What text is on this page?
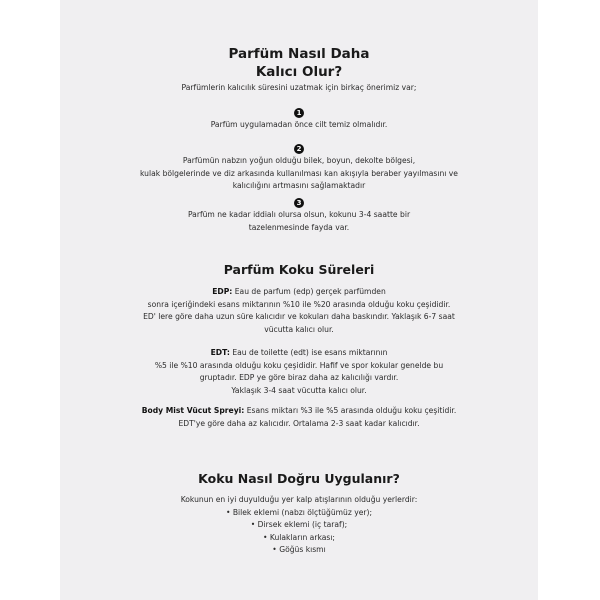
Parfüm Nasıl Daha
Kalıcı Olur?

Parfümlerin kalıcılık süresini uzatmak için birkaç önerimiz var;

1

Parfüm uygulamadan önce cilt temiz olmalıdır.

2

Parfümün nabzın yoğun olduğu bilek, boyun, dekolte bölgesi,

kulak bölgelerinde ve diz arkasında kullanılması kan akışıyla beraber yayılmasını ve

kalıcılığını artmasını sağlamaktadır

3

Parfüm ne kadar iddialı olursa olsun, kokunu 3-4 saatte bir

tazelenmesinde fayda var.

Parfüm Koku Süreleri

EDP: Eau de parfum (edp) gerçek parfümden

sonra içeriğindeki esans miktarının %10 ile %20 arasında olduğu koku çeşididir.

ED' lere göre daha uzun süre kalıcıdır ve kokuları daha baskındır. Yaklaşık 6-7 saat

vücutta kalıcı olur.

EDT: Eau de toilette (edt) ise esans miktarının

%5 ile %10 arasında olduğu koku çeşididir. Hafif ve spor kokular genelde bu

gruptadır. EDP ye göre biraz daha az kalıcılığı vardır.

Yaklaşık 3-4 saat vücutta kalıcı olur.

Body Mist Vücut Spreyi: Esans miktarı %3 ile %5 arasında olduğu koku çeşitidir.

EDT'ye göre daha az kalıcıdır. Ortalama 2-3 saat kadar kalıcıdır.

Koku Nasıl Doğru Uygulanır?

Kokunun en iyi duyulduğu yer kalp atışlarının olduğu yerlerdir:

• Bilek eklemi (nabzı ölçtüğümüz yer);

• Dirsek eklemi (iç taraf);

• Kulakların arkası;

• Göğüs kısmı
